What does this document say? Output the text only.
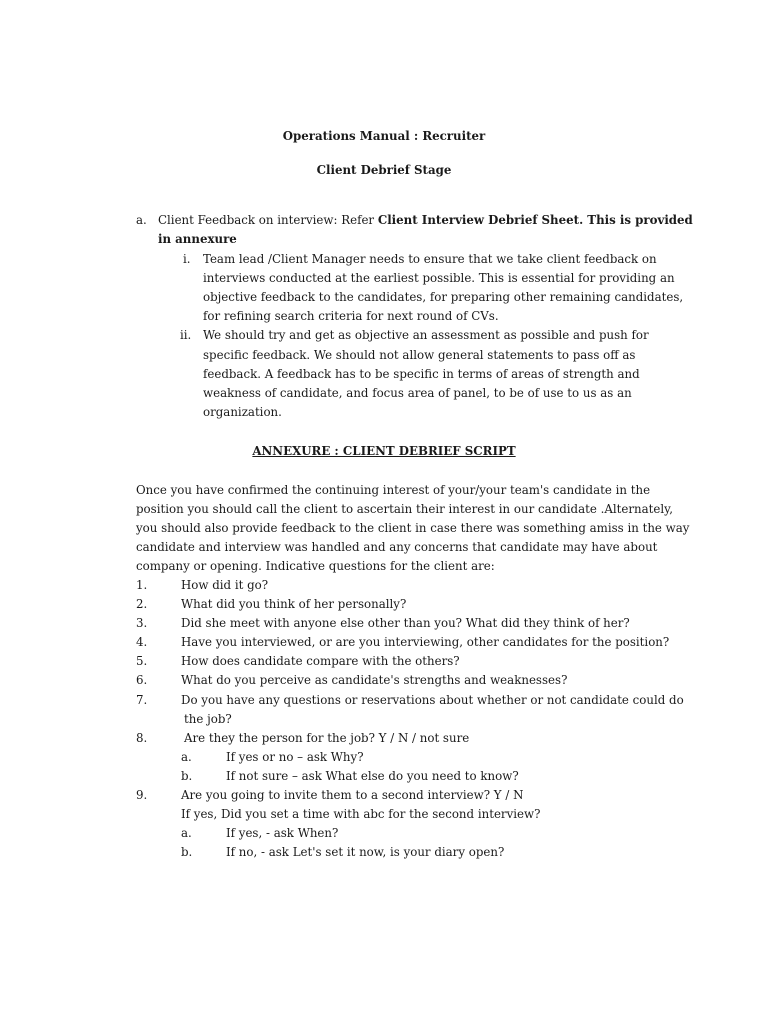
Operations Manual : Recruiter
Client Debrief Stage
a. Client Feedback on interview: Refer Client Interview Debrief Sheet. This is provided
in annexure
i. Team lead /Client Manager needs to ensure that we take client feedback on
interviews conducted at the earliest possible. This is essential for providing an
objective feedback to the candidates, for preparing other remaining candidates,
for refining search criteria for next round of CVs.
ii. We should try and get as objective an assessment as possible and push for
specific feedback. We should not allow general statements to pass off as
feedback. A feedback has to be specific in terms of areas of strength and
weakness of candidate, and focus area of panel, to be of use to us as an
organization.
ANNEXURE : CLIENT DEBRIEF SCRIPT
Once you have confirmed the continuing interest of your/your team's candidate in the
position you should call the client to ascertain their interest in our candidate .Alternately,
you should also provide feedback to the client in case there was something amiss in the way
candidate and interview was handled and any concerns that candidate may have about
company or opening. Indicative questions for the client are:
1.	How did it go?
2.	What did you think of her personally?
3.	Did she meet with anyone else other than you? What did they think of her?
4.	Have you interviewed, or are you interviewing, other candidates for the position?
5.	How does candidate compare with the others?
6.	What do you perceive as candidate's strengths and weaknesses?
7.	Do you have any questions or reservations about whether or not candidate could do
the job?
8.	Are they the person for the job? Y / N / not sure
a.	If yes or no – ask Why?
b.	If not sure – ask What else do you need to know?
9.	Are you going to invite them to a second interview? Y / N
If yes, Did you set a time with abc for the second interview?
a.	If yes, - ask When?
b.	If no, - ask Let's set it now, is your diary open?
